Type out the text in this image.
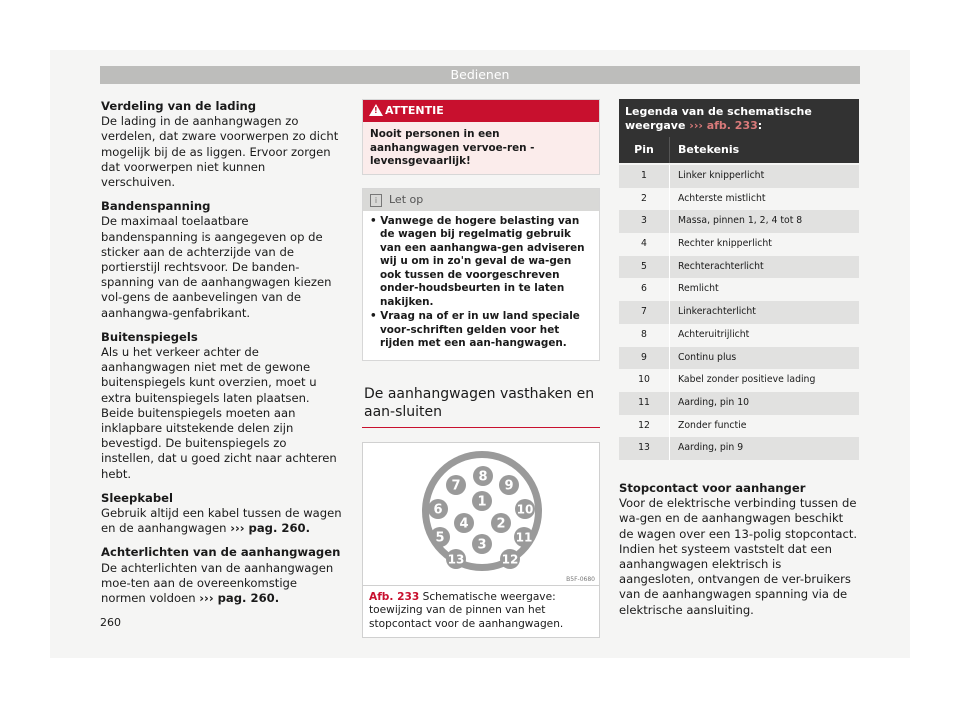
Bedienen
Verdeling van de lading

De lading in de aanhangwagen zo verdelen, dat zware voorwerpen zo dicht mogelijk bij de as liggen. Ervoor zorgen dat voorwerpen niet kunnen verschuiven.

Bandenspanning

De maximaal toelaatbare bandenspanning is aangegeven op de sticker aan de achterzijde van de portierstijl rechtsvoor. De banden-spanning van de aanhangwagen kiezen vol-gens de aanbevelingen van de aanhangwa-genfabrikant.

Buitenspiegels

Als u het verkeer achter de aanhangwagen niet met de gewone buitenspiegels kunt overzien, moet u extra buitenspiegels laten plaatsen. Beide buitenspiegels moeten aan inklapbare uitstekende delen zijn bevestigd. De buitenspiegels zo instellen, dat u goed zicht naar achteren hebt.

Sleepkabel

Gebruik altijd een kabel tussen de wagen en de aanhangwagen ››› pag. 260.

Achterlichten van de aanhangwagen

De achterlichten van de aanhangwagen moe-ten aan de overeenkomstige normen voldoen ››› pag. 260.

! ATTENTIE
Nooit personen in een aanhangwagen vervoe-ren - levensgevaarlijk!
i	Let op
• Vanwege de hogere belasting van de wagen bij regelmatig gebruik van een aanhangwa-gen adviseren wij u om in zo'n geval de wa-gen ook tussen de voorgeschreven onder-houdsbeurten in te laten nakijken.
• Vraag na of er in uw land speciale voor-schriften gelden voor het rijden met een aan-hangwagen.
De aanhangwagen vasthaken en aan-sluiten
1
2
3
4
5
6
7
8
9
10
11
12
13
B5F-0680
Afb. 233 Schematische weergave: toewijzing van de pinnen van het stopcontact voor de aanhangwagen.
Legenda van de schematische weergave ››› afb. 233:
Pin	Betekenis
1	Linker knipperlicht
2	Achterste mistlicht
3	Massa, pinnen 1, 2, 4 tot 8
4	Rechter knipperlicht
5	Rechterachterlicht
6	Remlicht
7	Linkerachterlicht
8	Achteruitrijlicht
9	Continu plus
10	Kabel zonder positieve lading
11	Aarding, pin 10
12	Zonder functie
13	Aarding, pin 9
Stopcontact voor aanhanger

Voor de elektrische verbinding tussen de wa-gen en de aanhangwagen beschikt de wagen over een 13-polig stopcontact. Indien het systeem vaststelt dat een aanhangwagen elektrisch is aangesloten, ontvangen de ver-bruikers van de aanhangwagen spanning via de elektrische aansluiting.

260
